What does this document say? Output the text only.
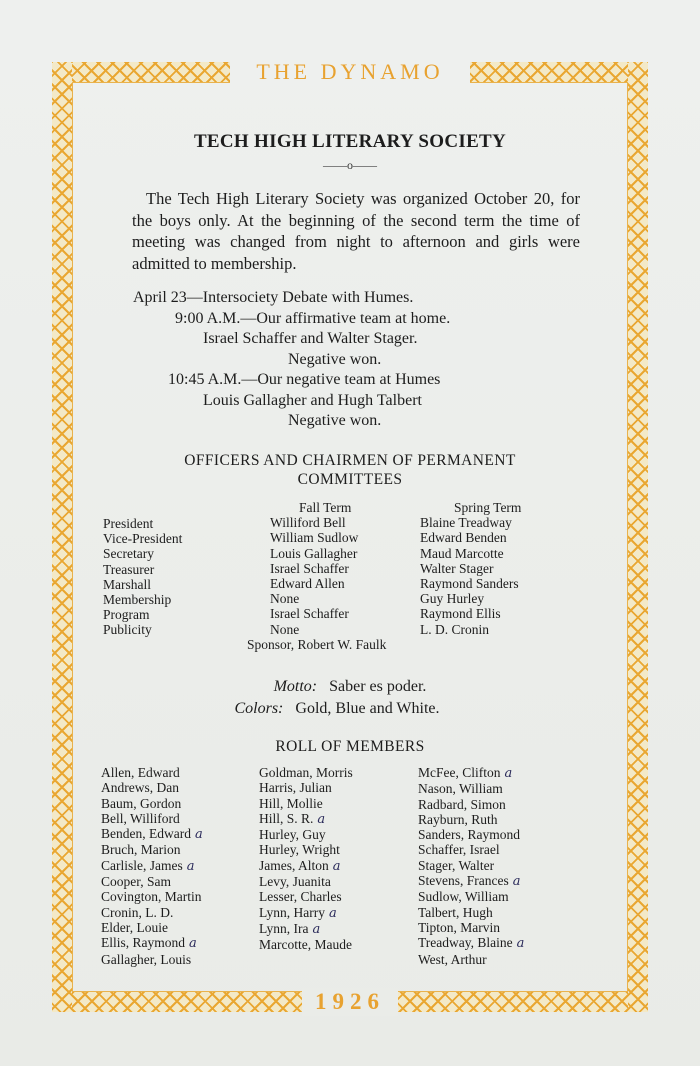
THE DYNAMO
1926
TECH HIGH LITERARY SOCIETY
——o——

The Tech High Literary Society was organized October 20, for the boys only. At the beginning of the second term the time of meeting was changed from night to afternoon and girls were admitted to membership.

April 23—Intersociety Debate with Humes.
9:00 A.M.—Our affirmative team at home.
Israel Schaffer and Walter Stager.
Negative won.
10:45 A.M.—Our negative team at Humes
Louis Gallagher and Hugh Talbert
Negative won.
OFFICERS AND CHAIRMEN OF PERMANENT
COMMITTEES
President
Vice-President
Secretary
Treasurer
Marshall
Membership
Program
Publicity
Fall Term
Williford Bell
William Sudlow
Louis Gallagher
Israel Schaffer
Edward Allen
None
Israel Schaffer
None
Spring Term
Blaine Treadway
Edward Benden
Maud Marcotte
Walter Stager
Raymond Sanders
Guy Hurley
Raymond Ellis
L. D. Cronin
Sponsor, Robert W. Faulk
Motto: Saber es poder.
Colors: Gold, Blue and White.
ROLL OF MEMBERS
Allen, Edward
Andrews, Dan
Baum, Gordon
Bell, Williford
Benden, Edward a
Bruch, Marion
Carlisle, James a
Cooper, Sam
Covington, Martin
Cronin, L. D.
Elder, Louie
Ellis, Raymond a
Gallagher, Louis
Goldman, Morris
Harris, Julian
Hill, Mollie
Hill, S. R. a
Hurley, Guy
Hurley, Wright
James, Alton a
Levy, Juanita
Lesser, Charles
Lynn, Harry a
Lynn, Ira a
Marcotte, Maude
McFee, Clifton a
Nason, William
Radbard, Simon
Rayburn, Ruth
Sanders, Raymond
Schaffer, Israel
Stager, Walter
Stevens, Frances a
Sudlow, William
Talbert, Hugh
Tipton, Marvin
Treadway, Blaine a
West, Arthur
